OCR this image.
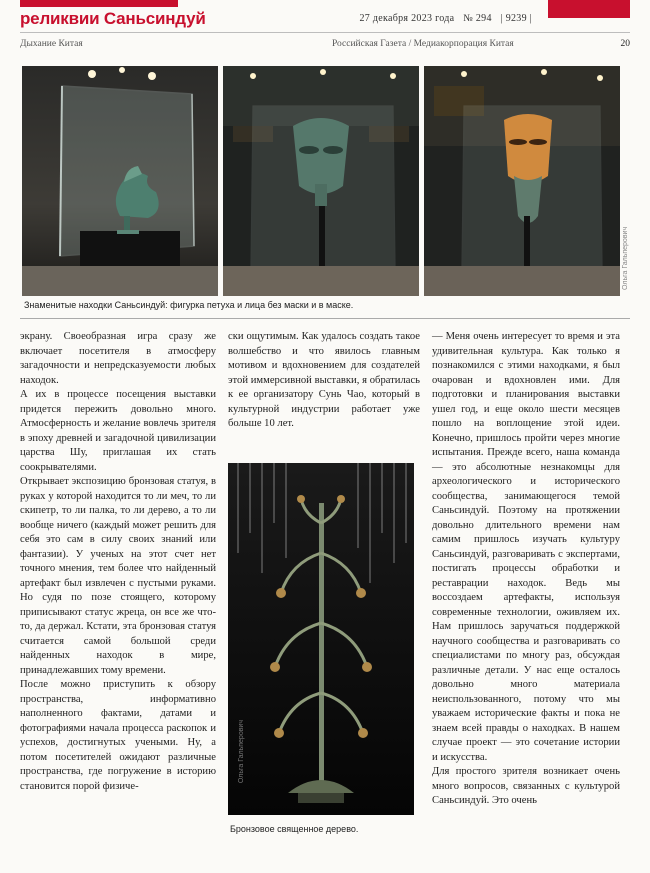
реликвии Саньсиндуй	27 декабря 2023 года № 294 | 9239 |
Дыхание Китая	Российская Газета / Медиакорпорация Китая	20
Ольга Гальперович
Знаменитые находки Саньсиндуй: фигурка петуха и лица без маски и в маске.

экрану. Своеобразная игра сразу же включает посетителя в атмосферу загадочности и непредсказуемости любых находок.

А их в процессе посещения выставки придется пережить довольно много. Атмосферность и желание вовлечь зрителя в эпоху древней и загадочной цивилизации царства Шу, приглашая их стать соокрывателями.

Открывает экспозицию бронзовая статуя, в руках у которой находится то ли меч, то ли скипетр, то ли палка, то ли дерево, а то ли вообще ничего (каждый может решить для себя это сам в силу своих знаний или фантазии). У ученых на этот счет нет точного мнения, тем более что найденный артефакт был извлечен с пустыми руками. Но судя по позе стоящего, которому приписывают статус жреца, он все же что-то, да держал. Кстати, эта бронзовая статуя считается самой большой среди найденных находок в мире, принадлежавших тому времени.

После можно приступить к обзору пространства, информативно наполненного фактами, датами и фотографиями начала процесса раскопок и успехов, достигнутых учеными. Ну, а потом посетителей ожидают различные пространства, где погружение в историю становится порой физиче-

ски ощутимым. Как удалось создать такое волшебство и что явилось главным мотивом и вдохновением для создателей этой иммерсивной выставки, я обратилась к ее организатору Сунь Чао, который в культурной индустрии работает уже больше 10 лет.

Ольга Гальперович
Бронзовое священное дерево.

— Меня очень интересует то время и эта удивительная культура. Как только я познакомился с этими находками, я был очарован и вдохновлен ими. Для подготовки и планирования выставки ушел год, и еще около шести месяцев пошло на воплощение этой идеи. Конечно, пришлось пройти через многие испытания. Прежде всего, наша команда — это абсолютные незнакомцы для археологического и исторического сообщества, занимающегося темой Саньсиндуй. Поэтому на протяжении довольно длительного времени нам самим пришлось изучать культуру Саньсиндуй, разговаривать с экспертами, постигать процессы обработки и реставрации находок. Ведь мы воссоздаем артефакты, используя современные технологии, оживляем их. Нам пришлось заручаться поддержкой научного сообщества и разговаривать со специалистами по многу раз, обсуждая различные детали. У нас еще осталось довольно много материала неиспользованного, потому что мы уважаем исторические факты и пока не знаем всей правды о находках. В нашем случае проект — это сочетание истории и искусства.

Для простого зрителя возникает очень много вопросов, связанных с культурой Саньсиндуй. Это очень
